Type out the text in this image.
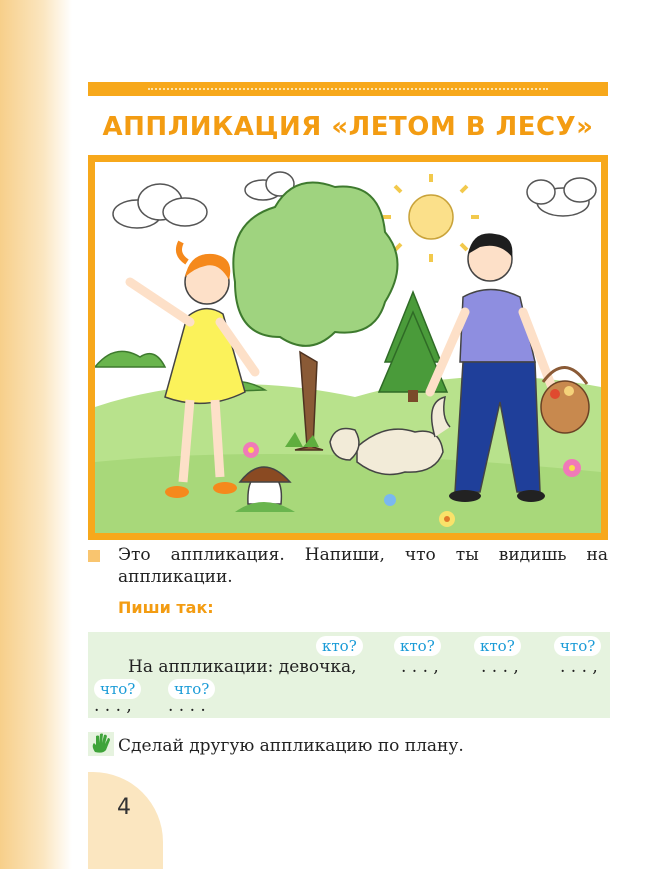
АППЛИКАЦИЯ «ЛЕТОМ В ЛЕСУ»
Это аппликация. Напиши, что ты видишь на аппликации.
Пиши так:
кто?	кто?	кто?	что?
На аппликации: девочка,	. . . , . . . , . . . ,
что?	что?
. . . , . . . .
Сделай другую аппликацию по плану.
4
